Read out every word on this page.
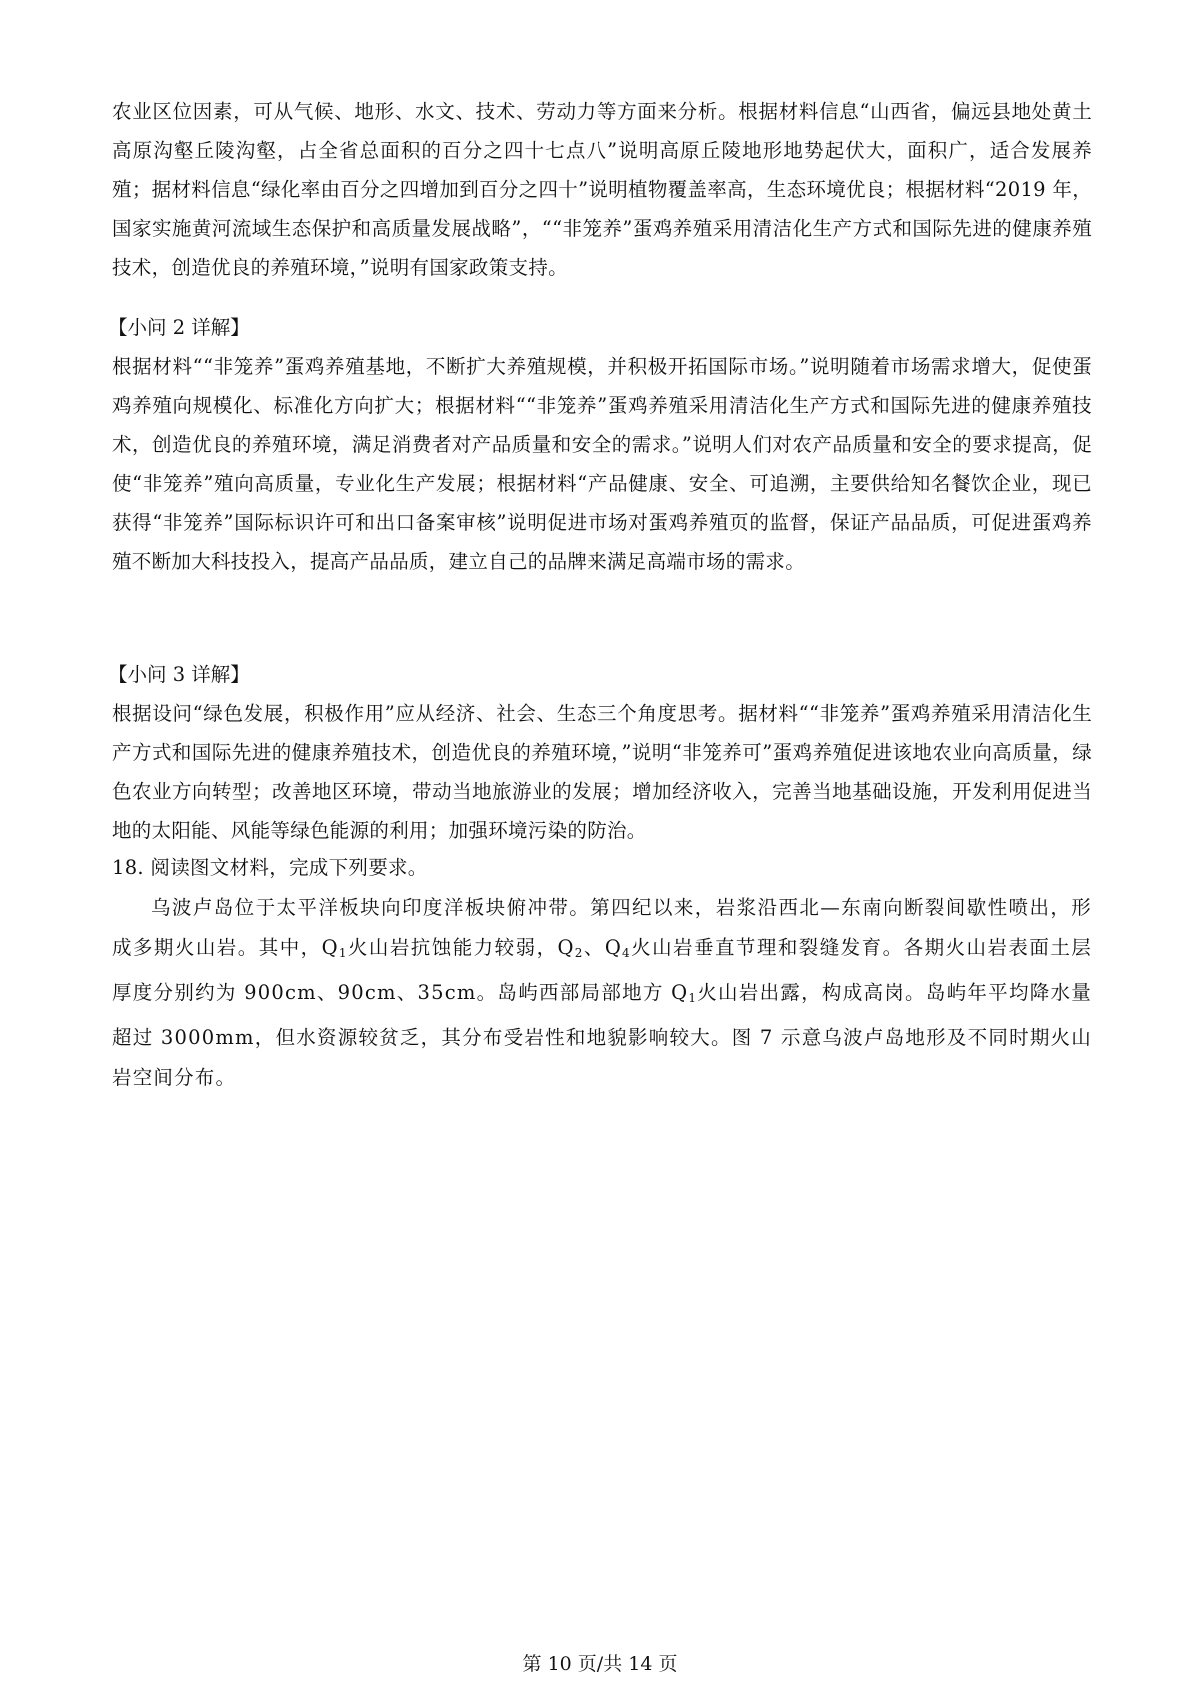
农业区位因素，可从气候、地形、水文、技术、劳动力等方面来分析。根据材料信息“山西省，偏远县地处黄土高原沟壑丘陵沟壑，占全省总面积的百分之四十七点八”说明高原丘陵地形地势起伏大，面积广，适合发展养殖；据材料信息“绿化率由百分之四增加到百分之四十”说明植物覆盖率高，生态环境优良；根据材料“2019 年，国家实施黄河流域生态保护和高质量发展战略”，““非笼养”蛋鸡养殖采用清洁化生产方式和国际先进的健康养殖技术，创造优良的养殖环境，”说明有国家政策支持。

【小问 2 详解】

根据材料““非笼养”蛋鸡养殖基地，不断扩大养殖规模，并积极开拓国际市场。”说明随着市场需求增大，促使蛋鸡养殖向规模化、标准化方向扩大；根据材料““非笼养”蛋鸡养殖采用清洁化生产方式和国际先进的健康养殖技术，创造优良的养殖环境，满足消费者对产品质量和安全的需求。”说明人们对农产品质量和安全的要求提高，促使“非笼养”殖向高质量，专业化生产发展；根据材料“产品健康、安全、可追溯，主要供给知名餐饮企业，现已获得“非笼养”国际标识许可和出口备案审核”说明促进市场对蛋鸡养殖页的监督，保证产品品质，可促进蛋鸡养殖不断加大科技投入，提高产品品质，建立自己的品牌来满足高端市场的需求。

【小问 3 详解】

根据设问“绿色发展，积极作用”应从经济、社会、生态三个角度思考。据材料““非笼养”蛋鸡养殖采用清洁化生产方式和国际先进的健康养殖技术，创造优良的养殖环境，”说明“非笼养可”蛋鸡养殖促进该地农业向高质量，绿色农业方向转型；改善地区环境，带动当地旅游业的发展；增加经济收入，完善当地基础设施，开发利用促进当地的太阳能、风能等绿色能源的利用；加强环境污染的防治。

18. 阅读图文材料，完成下列要求。

乌波卢岛位于太平洋板块向印度洋板块俯冲带。第四纪以来，岩浆沿西北—东南向断裂间歇性喷出，形成多期火山岩。其中，$Q_1$火山岩抗蚀能力较弱，$Q_2$、$Q_4$火山岩垂直节理和裂缝发育。各期火山岩表面土层厚度分别约为 900cm、90cm、35cm。岛屿西部局部地方 $Q_1$火山岩出露，构成高岗。岛屿年平均降水量超过 3000mm，但水资源较贫乏，其分布受岩性和地貌影响较大。图 7 示意乌波卢岛地形及不同时期火山岩空间分布。

第 10 页/共 14 页
